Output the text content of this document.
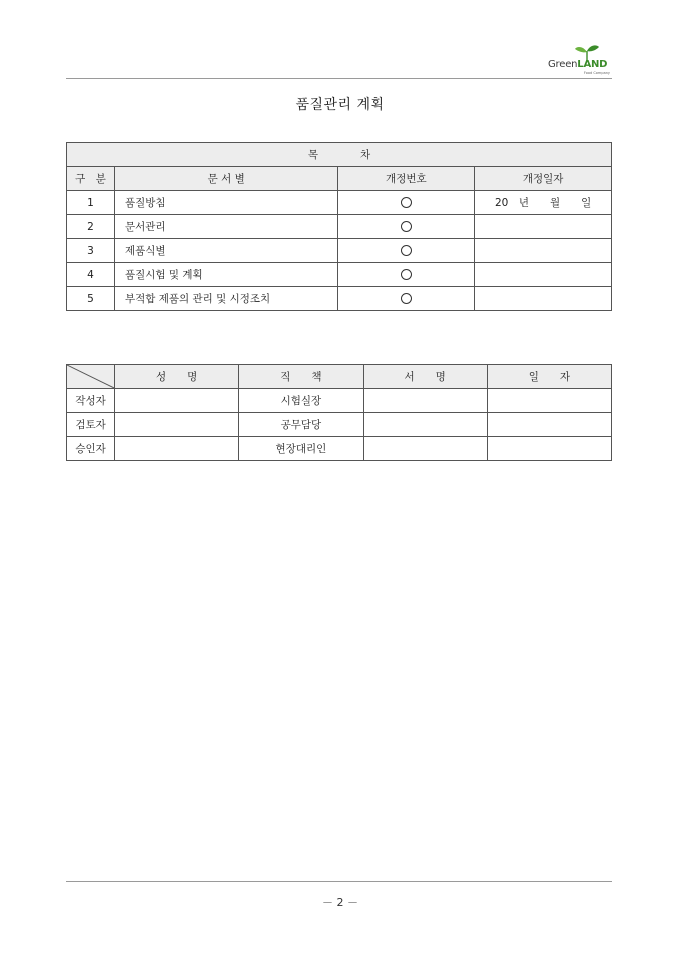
GreenLAND
Food Company
품질관리 계획
목　　　　차			
구　분	문 서 별	개정번호	개정일자
1	품질방침		20　년　　월　　일
2	문서관리		
3	제품식별		
4	품질시험 및 계획		
5	부적합 제품의 관리 및 시정조치		
	성　　명	직　　책	서　　명	일　　자
작성자		시험실장		
검토자		공무담당		
승인자		현장대리인		
－ 2 －
